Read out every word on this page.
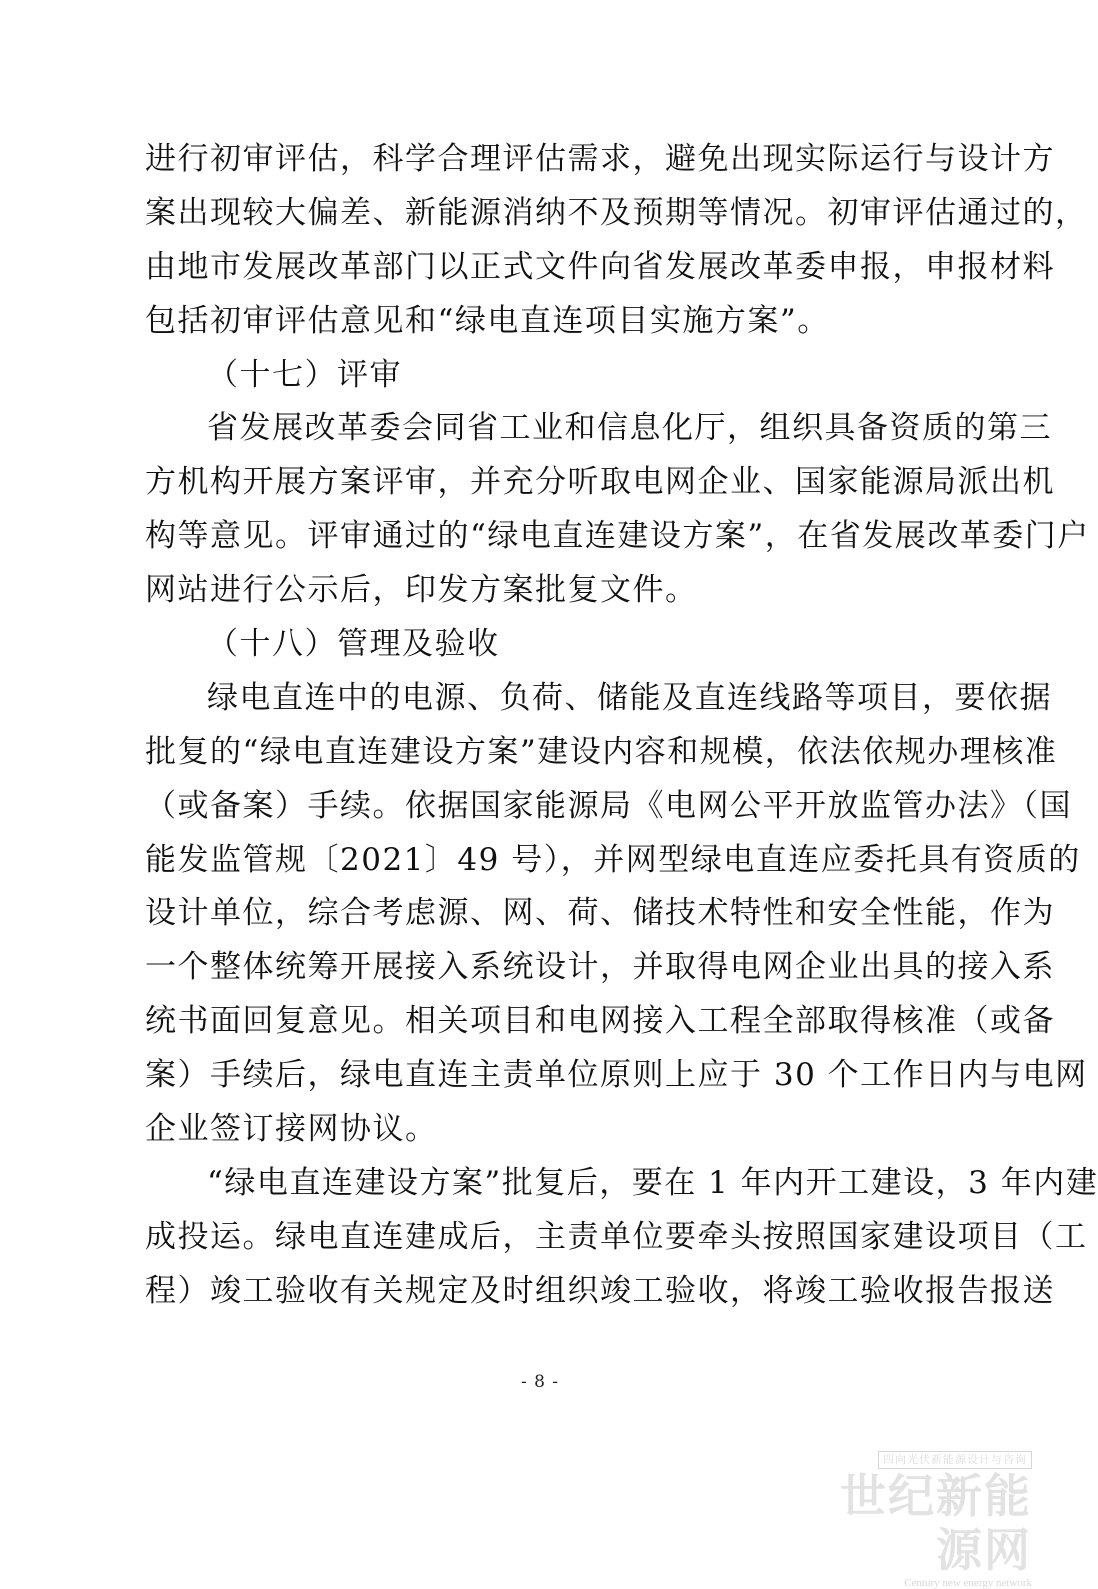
进行初审评估，科学合理评估需求，避免出现实际运行与设计方
案出现较大偏差、新能源消纳不及预期等情况。初审评估通过的，
由地市发展改革部门以正式文件向省发展改革委申报，申报材料
包括初审评估意见和“绿电直连项目实施方案”。
（十七）评审
省发展改革委会同省工业和信息化厅，组织具备资质的第三
方机构开展方案评审，并充分听取电网企业、国家能源局派出机
构等意见。评审通过的“绿电直连建设方案”，在省发展改革委门户
网站进行公示后，印发方案批复文件。
（十八）管理及验收
绿电直连中的电源、负荷、储能及直连线路等项目，要依据
批复的“绿电直连建设方案”建设内容和规模，依法依规办理核准
（或备案）手续。依据国家能源局《电网公平开放监管办法》（国
能发监管规〔2021〕49 号），并网型绿电直连应委托具有资质的
设计单位，综合考虑源、网、荷、储技术特性和安全性能，作为
一个整体统筹开展接入系统设计，并取得电网企业出具的接入系
统书面回复意见。相关项目和电网接入工程全部取得核准（或备
案）手续后，绿电直连主责单位原则上应于 30 个工作日内与电网
企业签订接网协议。
“绿电直连建设方案”批复后，要在 1 年内开工建设，3 年内建
成投运。绿电直连建成后，主责单位要牵头按照国家建设项目（工
程）竣工验收有关规定及时组织竣工验收，将竣工验收报告报送
- 8 -
四向光伏新能源设计与咨询
世纪新能源网
Century new energy network
